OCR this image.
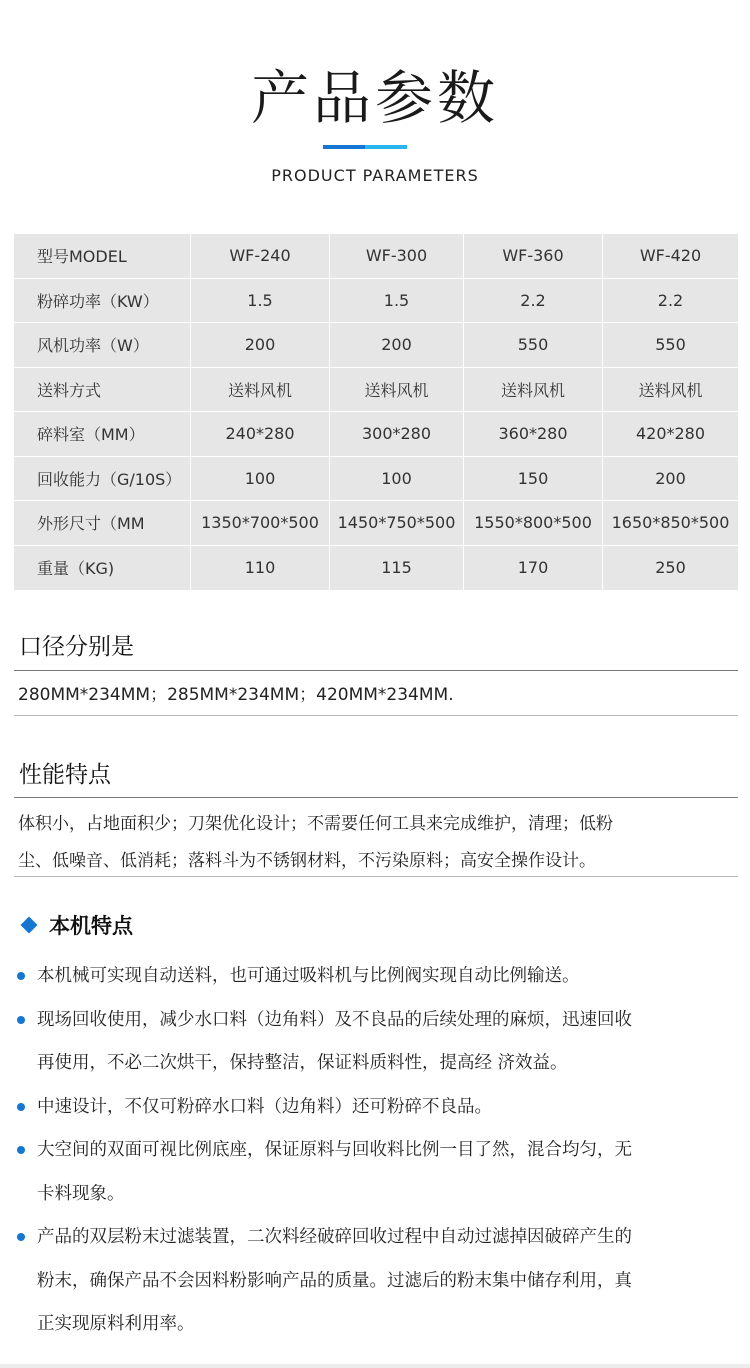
产品参数
PRODUCT PARAMETERS
型号MODEL	WF-240	WF-300	WF-360	WF-420
粉碎功率（KW）	1.5	1.5	2.2	2.2
风机功率（W）	200	200	550	550
送料方式	送料风机	送料风机	送料风机	送料风机
碎料室（MM）	240*280	300*280	360*280	420*280
回收能力（G/10S）	100	100	150	200
外形尺寸（MM	1350*700*500	1450*750*500	1550*800*500	1650*850*500
重量（KG)	110	115	170	250
口径分别是
280MM*234MM；285MM*234MM；420MM*234MM.
性能特点
体积小，占地面积少；刀架优化设计；不需要任何工具来完成维护，清理；低粉
尘、低噪音、低消耗；落料斗为不锈钢材料，不污染原料；高安全操作设计。
本机特点
本机械可实现自动送料，也可通过吸料机与比例阀实现自动比例输送。
现场回收使用，减少水口料（边角料）及不良品的后续处理的麻烦，迅速回收
再使用，不必二次烘干，保持整洁，保证料质料性，提高经 济效益。
中速设计，不仅可粉碎水口料（边角料）还可粉碎不良品。
大空间的双面可视比例底座，保证原料与回收料比例一目了然，混合均匀，无
卡料现象。
产品的双层粉末过滤装置，二次料经破碎回收过程中自动过滤掉因破碎产生的
粉末，确保产品不会因料粉影响产品的质量。过滤后的粉末集中储存利用，真
正实现原料利用率。
